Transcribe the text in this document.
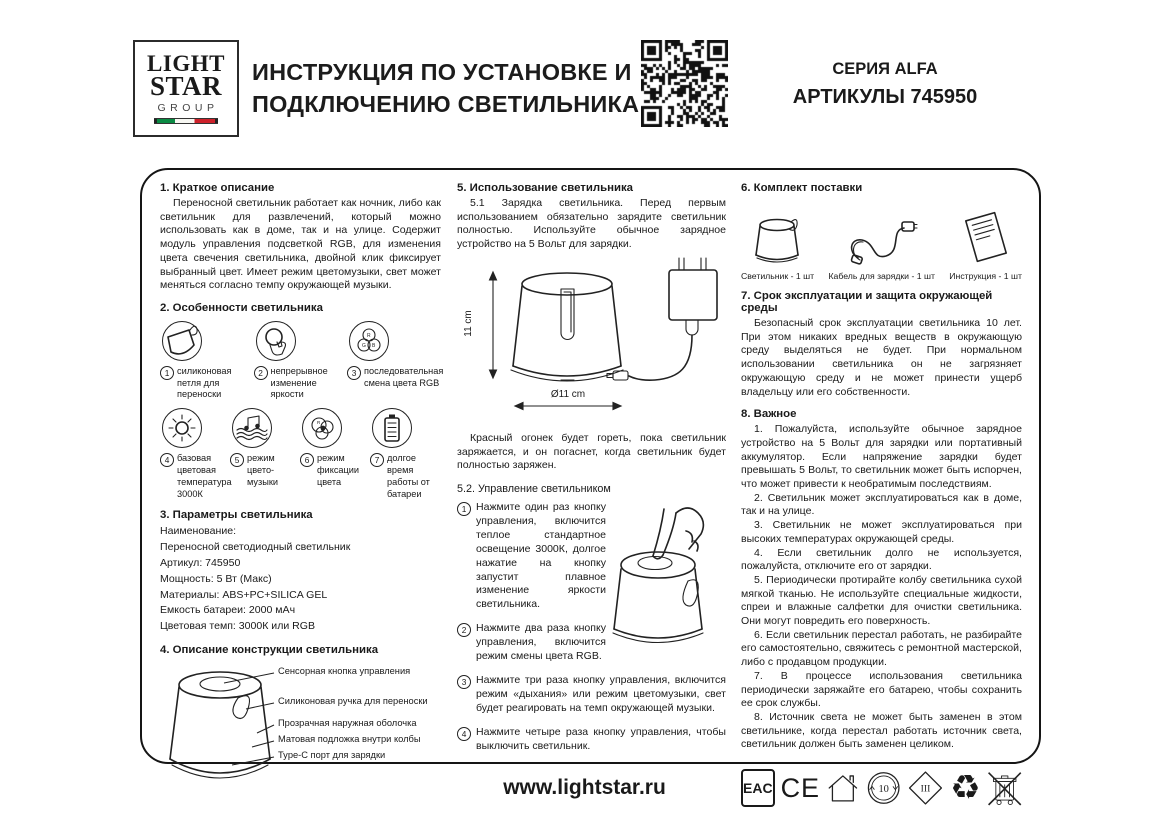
LIGHT
STAR
GROUP
ИНСТРУКЦИЯ ПО УСТАНОВКЕ И
ПОДКЛЮЧЕНИЮ СВЕТИЛЬНИКА
СЕРИЯ ALFA
АРТИКУЛЫ 745950
1. Краткое описание
Переносной светильник работает как ночник, либо как светильник для развлечений, который можно использовать как в доме, так и на улице. Содержит модуль управления подсветкой RGB, для изменения цвета свечения светильника, двойной клик фиксирует выбранный цвет. Имеет режим цветомузыки, свет может меняться согласно темпу окружающей музыки.
2. Особенности светильника
1 силиконовая петля для переноски
2 непрерывное изменение яркости
R
G B
3 последовательная смена цвета RGB
4 базовая цветовая температура 3000К
5 режим цвето- музыки
R
6 режим фиксации цвета
7 долгое время работы от батареи
3. Параметры светильника
Наименование:
Переносной светодиодный светильник
Артикул: 745950
Мощность: 5 Вт (Макс)
Материалы: ABS+PC+SILICA GEL
Емкость батареи: 2000 мАч
Цветовая темп: 3000К или RGB
4. Описание конструкции светильника
Сенсорная кнопка управления
Силиконовая ручка для переноски
Прозрачная наружная оболочка
Матовая подложка внутри колбы
Type-C порт для зарядки
5. Использование светильника
5.1 Зарядка светильника. Перед первым использованием обязательно зарядите светильник полностью. Используйте обычное зарядное устройство на 5 Вольт для зарядки.
11 cm
Ø11 cm
Красный огонек будет гореть, пока светильник заряжается, и он погаснет, когда светильник будет полностью заряжен.
5.2. Управление светильником
1 Нажмите один раз кнопку управления, включится теплое стандартное освещение 3000К, долгое нажатие на кнопку запустит плавное изменение яркости светильника.
2 Нажмите два раза кнопку управления, включится режим смены цвета RGB.
3 Нажмите три раза кнопку управления, включится режим «дыхания» или режим цветомузыки, свет будет реагировать на темп окружающей музыки.
4 Нажмите четыре раза кнопку управления, чтобы выключить светильник.
6. Комплект поставки
Светильник - 1 шт Кабель для зарядки - 1 шт Инструкция - 1 шт
7. Срок эксплуатации и защита окружающей среды
Безопасный срок эксплуатации светильника 10 лет. При этом никаких вредных веществ в окружающую среду выделяться не будет. При нормальном использовании светильника он не загрязняет окружающую среду и не может принести ущерб владельцу или его собственности.
8. Важное
1. Пожалуйста, используйте обычное зарядное устройство на 5 Вольт для зарядки или портативный аккумулятор. Если напряжение зарядки будет превышать 5 Вольт, то светильник может быть испорчен, что может привести к необратимым последствиям.
2. Светильник может эксплуатироваться как в доме, так и на улице.
3. Светильник не может эксплуатироваться при высоких температурах окружающей среды.
4. Если светильник долго не используется, пожалуйста, отключите его от зарядки.
5. Периодически протирайте колбу светильника сухой мягкой тканью. Не используйте специальные жидкости, спреи и влажные салфетки для очистки светильника. Они могут повредить его поверхность.
6. Если светильник перестал работать, не разбирайте его самостоятельно, свяжитесь с ремонтной мастерской, либо с продавцом продукции.
7. В процессе использования светильника периодически заряжайте его батарею, чтобы сохранить ее срок службы.
8. Источник света не может быть заменен в этом светильнике, когда перестал работать источник света, светильник должен быть заменен целиком.
EAC CE	10	III ♻
www.lightstar.ru
